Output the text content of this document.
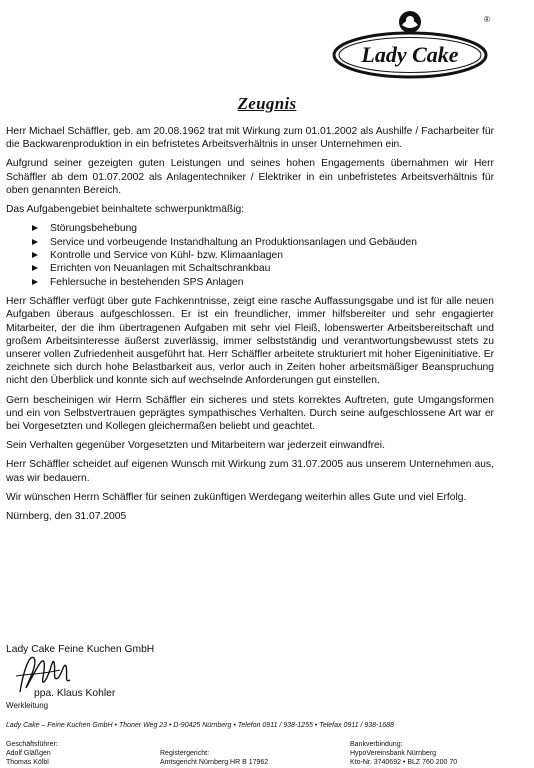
Lady Cake
®
Zeugnis

Herr Michael Schäffler, geb. am 20.08.1962 trat mit Wirkung zum 01.01.2002 als Aushilfe / Facharbeiter für die Backwarenproduktion in ein befristetes Arbeitsverhältnis in unser Unternehmen ein.

Aufgrund seiner gezeigten guten Leistungen und seines hohen Engagements übernahmen wir Herr Schäffler ab dem 01.07.2002 als Anlagentechniker / Elektriker in ein unbefristetes Arbeitsverhältnis für oben genannten Bereich.

Das Aufgabengebiet beinhaltete schwerpunktmäßig:

Störungsbehebung
Service und vorbeugende Instandhaltung an Produktionsanlagen und Gebäuden
Kontrolle und Service von Kühl- bzw. Klimaanlagen
Errichten von Neuanlagen mit Schaltschrankbau
Fehlersuche in bestehenden SPS Anlagen

Herr Schäffler verfügt über gute Fachkenntnisse, zeigt eine rasche Auffassungsgabe und ist für alle neuen Aufgaben überaus aufgeschlossen. Er ist ein freundlicher, immer hilfsbereiter und sehr engagierter Mitarbeiter, der die ihm übertragenen Aufgaben mit sehr viel Fleiß, lobenswerter Arbeitsbereitschaft und großem Arbeitsinteresse äußerst zuverlässig, immer selbstständig und verantwortungsbewusst stets zu unserer vollen Zufriedenheit ausgeführt hat. Herr Schäffler arbeitete strukturiert mit hoher Eigeninitiative. Er zeichnete sich durch hohe Belastbarkeit aus, verlor auch in Zeiten hoher arbeitsmäßiger Beanspruchung nicht den Überblick und konnte sich auf wechselnde Anforderungen gut einstellen.

Gern bescheinigen wir Herrn Schäffler ein sicheres und stets korrektes Auftreten, gute Umgangsformen und ein von Selbstvertrauen geprägtes sympathisches Verhalten. Durch seine aufgeschlossene Art war er bei Vorgesetzten und Kollegen gleichermaßen beliebt und geachtet.

Sein Verhalten gegenüber Vorgesetzten und Mitarbeitern war jederzeit einwandfrei.

Herr Schäffler scheidet auf eigenen Wunsch mit Wirkung zum 31.07.2005 aus unserem Unternehmen aus, was wir bedauern.

Wir wünschen Herrn Schäffler für seinen zukünftigen Werdegang weiterhin alles Gute und viel Erfolg.

Nürnberg, den 31.07.2005

Lady Cake Feine Kuchen GmbH
ppa. Klaus Kohler
Werkleitung
Lady Cake – Feine Kuchen GmbH • Thoner Weg 23 • D-90425 Nürnberg • Telefon 0911 / 938-1255 • Telefax 0911 / 938-1688
Geschäftsführer:
Adolf Gläßgen
Thomas Kölbl
Registergericht:
Amtsgericht Nürnberg HR B 17962
Bankverbindung:
HypoVereinsbank Nürnberg
Kto-Nr. 3740692 • BLZ 760 200 70
